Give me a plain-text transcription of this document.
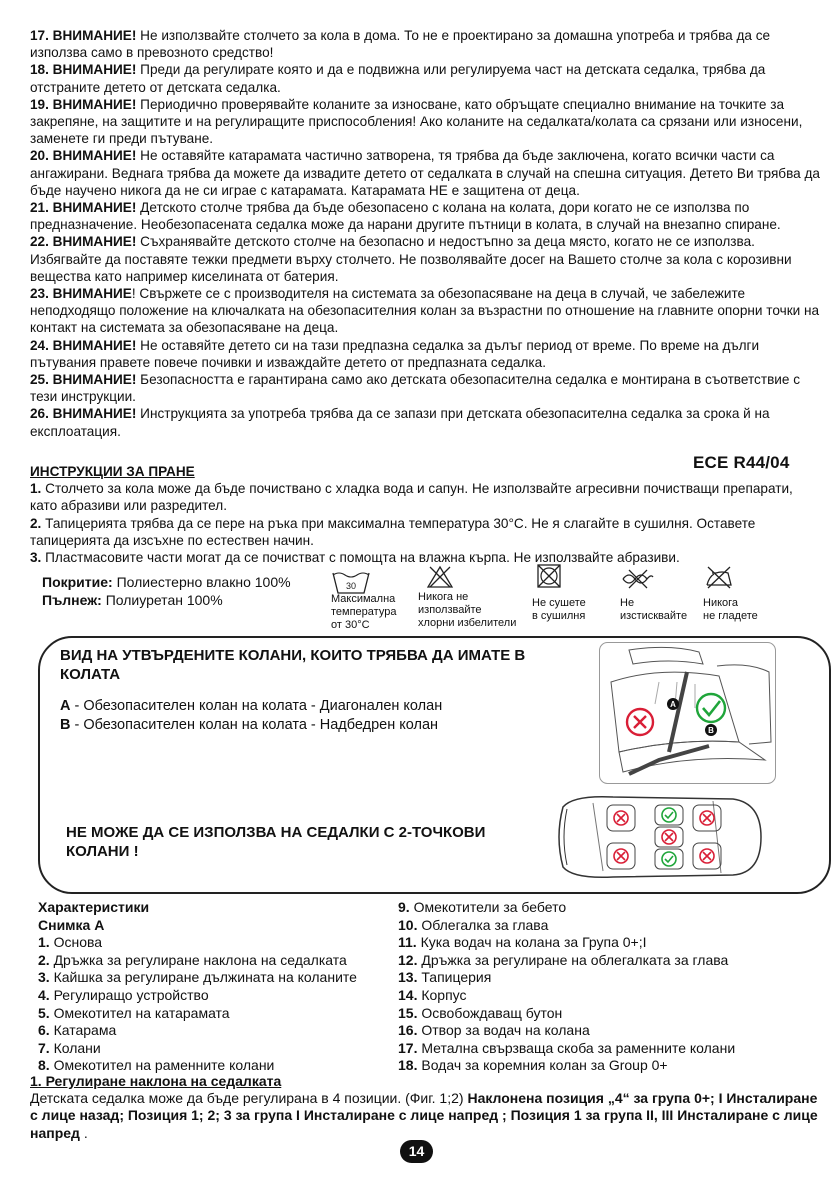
17. ВНИМАНИЕ! Не използвайте столчето за кола в дома. То не е проектирано за домашна употреба и трябва да се използва само в превозното средство!

18. ВНИМАНИЕ! Преди да регулирате която и да е подвижна или регулируема част на детската седалка, трябва да отстраните детето от детската седалка.

19. ВНИМАНИЕ! Периодично проверявайте коланите за износване, като обръщате специално внимание на точките за закрепяне, на защитите и на регулиращите приспособления! Ако коланите на седалката/колата са срязани или износени, заменете ги преди пътуване.

20. ВНИМАНИЕ! Не оставяйте катарамата частично затворена, тя трябва да бъде заключена, когато всички части са ангажирани. Веднага трябва да можете да извадите детето от седалката в случай на спешна ситуация. Детето Ви трябва да бъде научено никога да не си играе с катарамата. Катарамата НЕ е защитена от деца.

21. ВНИМАНИЕ! Детското столче трябва да бъде обезопасено с колана на колата, дори когато не се използва по предназначение. Необезопасената седалка може да нарани другите пътници в колата, в случай на внезапно спиране.

22. ВНИМАНИЕ! Съхранявайте детското столче на безопасно и недостъпно за деца място, когато не се използва. Избягвайте да поставяте тежки предмети върху столчето. Не позволявайте досег на Вашето столче за кола с корозивни вещества като например киселината от батерия.

23. ВНИМАНИЕ! Свържете се с производителя на системата за обезопасяване на деца в случай, че забележите неподходящо положение на ключалката на обезопасителния колан за възрастни по отношение на главните опорни точки на контакт на системата за обезопасяване на деца.

24. ВНИМАНИЕ! Не оставяйте детето си на тази предпазна седалка за дълъг период от време. По време на дълги пътувания правете повече почивки и изваждайте детето от предпазната седалка.

25. ВНИМАНИЕ! Безопасността е гарантирана само ако детската обезопасителна седалка е монтирана в съответствие с тези инструкции.

26. ВНИМАНИЕ! Инструкцията за употреба трябва да се запази при детската обезопасителна седалка за срока й на експлоатация.

ECE R44/04

ИНСТРУКЦИИ ЗА ПРАНЕ

1. Столчето за кола може да бъде почиствано с хладка вода и сапун. Не използвайте агресивни почистващи препарати, като абразиви или разредител.

2. Тапицерията трябва да се пере на ръка при максимална температура 30°C. Не я слагайте в сушилня. Оставете тапицерията да изсъхне по естествен начин.

3. Пластмасовите части могат да се почистват с помощта на влажна кърпа. Не използвайте абразиви.

Покритие: Полиестерно влакно 100%

Пълнеж: Полиуретан 100%

30
Максимална
температура
от 30°C
Никога не
използвайте
хлорни избелители
Не сушете
в сушилня
Не
изстисквайте
Никога
не гладете
ВИД НА УТВЪРДЕНИТЕ КОЛАНИ, КОИТО ТРЯБВА ДА ИМАТЕ В КОЛАТА

A - Обезопасителен колан на колата - Диагонален колан

B - Обезопасителен колан на колата - Надбедрен колан

НЕ МОЖЕ ДА СЕ ИЗПОЛЗВА НА СЕДАЛКИ С 2-ТОЧКОВИ КОЛАНИ !
A
B

Характеристики

Снимка A

1. Основа

2. Дръжка за регулиране наклона на седалката

3. Кайшка за регулиране дължината на коланите

4. Регулиращо устройство

5. Омекотител на катарамата

6. Катарама

7. Колани

8. Омекотител на раменните колани

9. Омекотители за бебето

10. Облегалка за глава

11. Кука водач на колана за Група 0+;I

12. Дръжка за регулиране на облегалката за глава

13. Тапицерия

14. Корпус

15. Освобождаващ бутон

16. Отвор за водач на колана

17. Метална свързваща скоба за раменните колани

18. Водач за коремния колан за Group 0+

1. Регулиране наклона на седалката

Детската седалка може да бъде регулирана в 4 позиции. (Фиг. 1;2) Наклонена позиция „4“ за група 0+; I Инсталиране с лице назад; Позиция 1; 2; 3 за група I Инсталиране с лице напред ; Позиция 1 за група II, III Инсталиране с лице напред .

14
